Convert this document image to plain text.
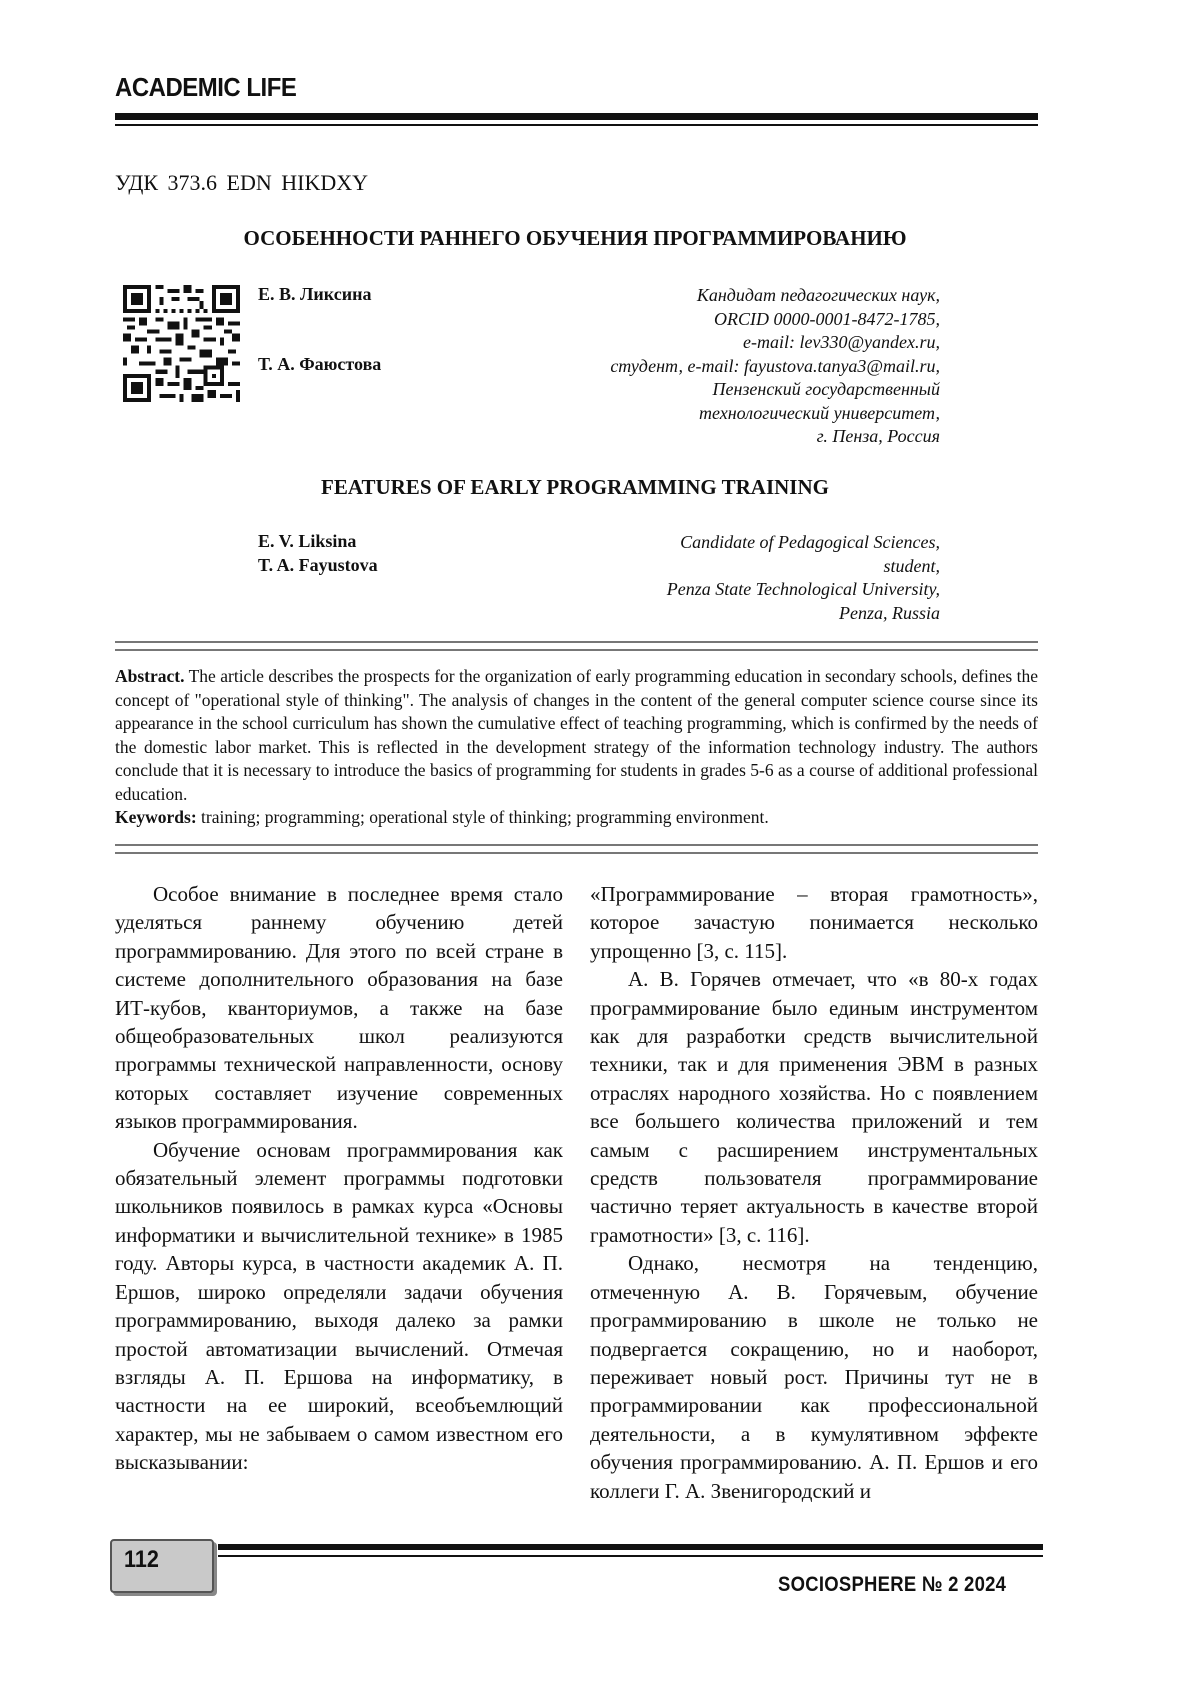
ACADEMIC LIFE
УДК 373.6 EDN HIKDXY
ОСОБЕННОСТИ РАННЕГО ОБУЧЕНИЯ ПРОГРАММИРОВАНИЮ
Е. В. Ликсина
Т. А. Фаюстова
Кандидат педагогических наук,
ORCID 0000-0001-8472-1785,
e-mail: lev330@yandex.ru,
студент, e-mail: fayustova.tanya3@mail.ru,
Пензенский государственный
технологический университет,
г. Пенза, Россия
FEATURES OF EARLY PROGRAMMING TRAINING
E. V. Liksina
T. A. Fayustova
Candidate of Pedagogical Sciences,
student,
Penza State Technological University,
Penza, Russia

Abstract. The article describes the prospects for the organization of early programming education in secondary schools, defines the concept of "operational style of thinking". The analysis of changes in the content of the general computer science course since its appearance in the school curriculum has shown the cumulative effect of teaching programming, which is confirmed by the needs of the domestic labor market. This is reflected in the development strategy of the information technology industry. The authors conclude that it is necessary to introduce the basics of programming for students in grades 5-6 as a course of additional professional education.

Keywords: training; programming; operational style of thinking; programming environment.

Особое внимание в последнее время стало уделяться раннему обучению детей программированию. Для этого по всей стране в системе дополнительного образования на базе ИТ-кубов, кванториумов, а также на базе общеобразовательных школ реализуются программы технической направленности, основу которых составляет изучение современных языков программирования.

Обучение основам программирования как обязательный элемент программы подготовки школьников появилось в рамках курса «Основы информатики и вычислительной технике» в 1985 году. Авторы курса, в частности академик А. П. Ершов, широко определяли задачи обучения программированию, выходя далеко за рамки простой автоматизации вычислений. Отмечая взгляды А. П. Ершова на информатику, в частности на ее широкий, всеобъемлющий характер, мы не забываем о самом известном его высказывании:

«Программирование – вторая грамотность», которое зачастую понимается несколько упрощенно [3, с. 115].

А. В. Горячев отмечает, что «в 80-х годах программирование было единым инструментом как для разработки средств вычислительной техники, так и для применения ЭВМ в разных отраслях народного хозяйства. Но с появлением все большего количества приложений и тем самым с расширением инструментальных средств пользователя программирование частично теряет актуальность в качестве второй грамотности» [3, с. 116].

Однако, несмотря на тенденцию, отмеченную А. В. Горячевым, обучение программированию в школе не только не подвергается сокращению, но и наоборот, переживает новый рост. Причины тут не в программировании как профессиональной деятельности, а в кумулятивном эффекте обучения программированию. А. П. Ершов и его коллеги Г. А. Звенигородский и

112
SOCIOSPHERE № 2 2024
